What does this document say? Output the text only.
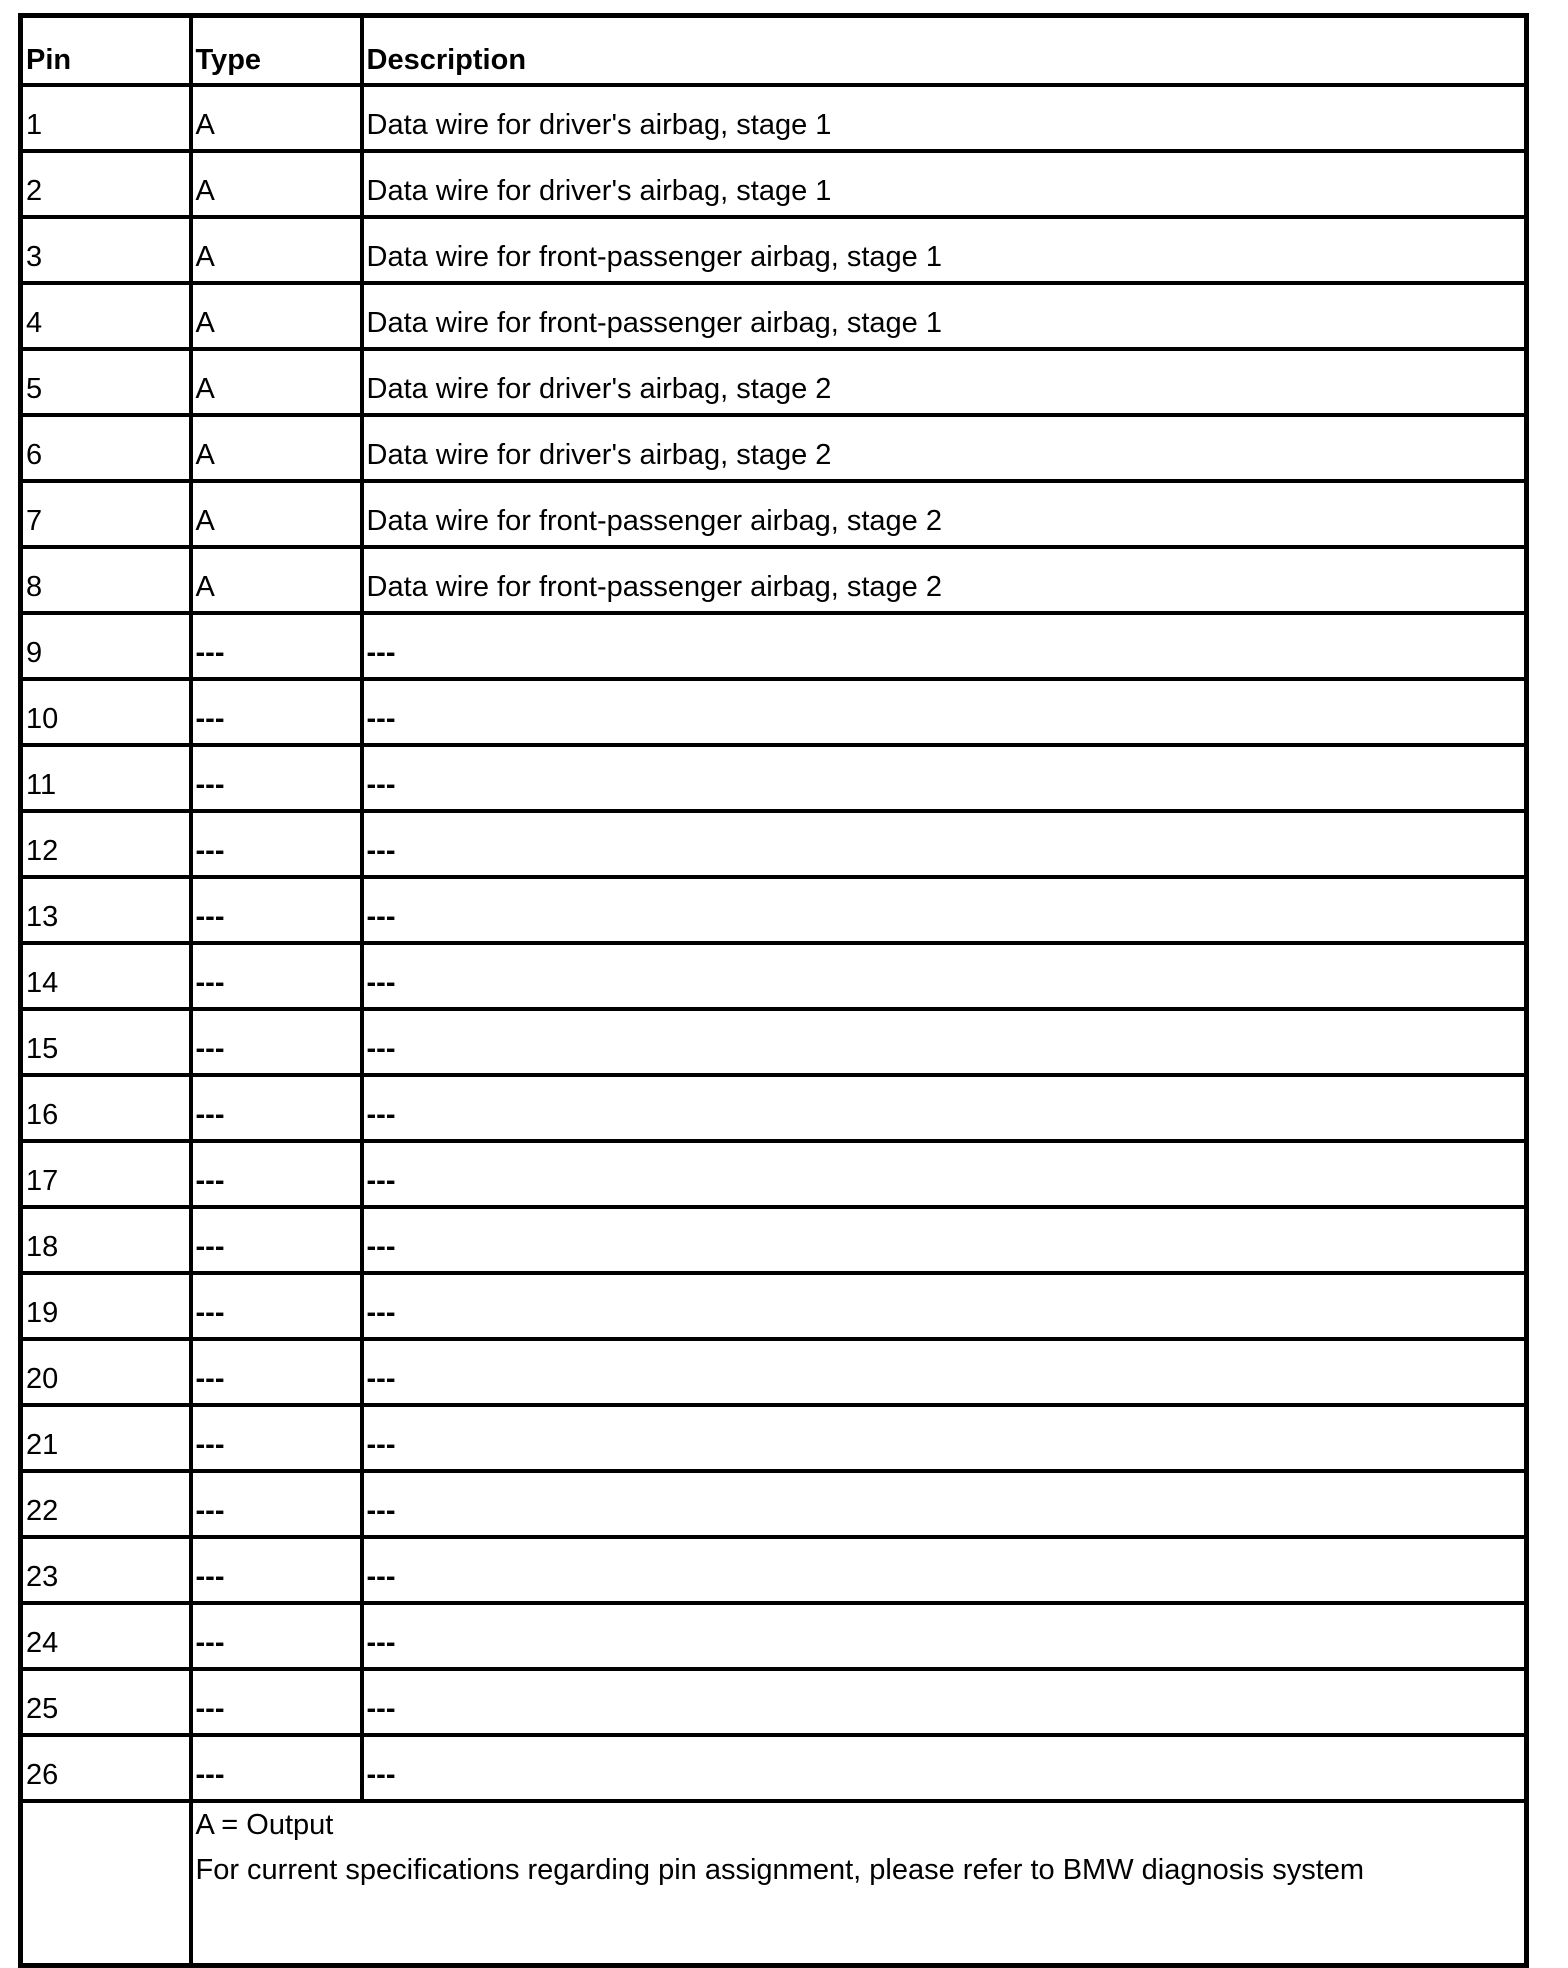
Pin	Type	Description
1	A	Data wire for driver's airbag, stage 1
2	A	Data wire for driver's airbag, stage 1
3	A	Data wire for front-passenger airbag, stage 1
4	A	Data wire for front-passenger airbag, stage 1
5	A	Data wire for driver's airbag, stage 2
6	A	Data wire for driver's airbag, stage 2
7	A	Data wire for front-passenger airbag, stage 2
8	A	Data wire for front-passenger airbag, stage 2
9	---	---
10	---	---
11	---	---
12	---	---
13	---	---
14	---	---
15	---	---
16	---	---
17	---	---
18	---	---
19	---	---
20	---	---
21	---	---
22	---	---
23	---	---
24	---	---
25	---	---
26	---	---

	A = Output
For current specifications regarding pin assignment, please refer to BMW diagnosis system	
